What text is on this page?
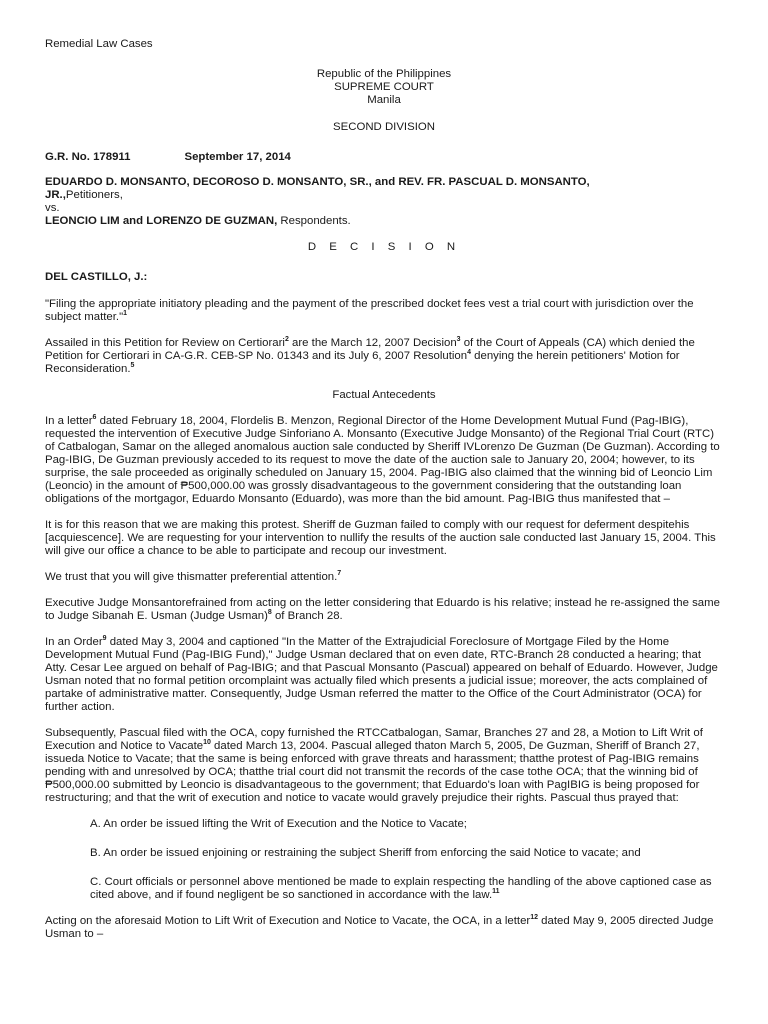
Remedial Law Cases

Republic of the Philippines

SUPREME COURT

Manila

SECOND DIVISION

G.R. No. 178911	September 17, 2014

EDUARDO D. MONSANTO, DECOROSO D. MONSANTO, SR., and REV. FR. PASCUAL D. MONSANTO,

JR.,Petitioners,

vs.

LEONCIO LIM and LORENZO DE GUZMAN, Respondents.

D E C I S I O N

DEL CASTILLO, J.:

"Filing the appropriate initiatory pleading and the payment of the prescribed docket fees vest a trial court with jurisdiction over the subject matter."$^1$

Assailed in this Petition for Review on Certiorari$^2$ are the March 12, 2007 Decision$^3$ of the Court of Appeals (CA) which denied the Petition for Certiorari in CA-G.R. CEB-SP No. 01343 and its July 6, 2007 Resolution$^4$ denying the herein petitioners' Motion for Reconsideration.$^5$

Factual Antecedents

In a letter$^6$ dated February 18, 2004, Flordelis B. Menzon, Regional Director of the Home Development Mutual Fund (Pag-IBIG), requested the intervention of Executive Judge Sinforiano A. Monsanto (Executive Judge Monsanto) of the Regional Trial Court (RTC) of Catbalogan, Samar on the alleged anomalous auction sale conducted by Sheriff IVLorenzo De Guzman (De Guzman). According to Pag-IBIG, De Guzman previously acceded to its request to move the date of the auction sale to January 20, 2004; however, to its surprise, the sale proceeded as originally scheduled on January 15, 2004. Pag-IBIG also claimed that the winning bid of Leoncio Lim (Leoncio) in the amount of ₱500,000.00 was grossly disadvantageous to the government considering that the outstanding loan obligations of the mortgagor, Eduardo Monsanto (Eduardo), was more than the bid amount. Pag-IBIG thus manifested that –

It is for this reason that we are making this protest. Sheriff de Guzman failed to comply with our request for deferment despitehis [acquiescence]. We are requesting for your intervention to nullify the results of the auction sale conducted last January 15, 2004. This will give our office a chance to be able to participate and recoup our investment.

We trust that you will give thismatter preferential attention.$^7$

Executive Judge Monsantorefrained from acting on the letter considering that Eduardo is his relative; instead he re-assigned the same to Judge Sibanah E. Usman (Judge Usman)$^8$ of Branch 28.

In an Order$^9$ dated May 3, 2004 and captioned "In the Matter of the Extrajudicial Foreclosure of Mortgage Filed by the Home Development Mutual Fund (Pag-IBIG Fund)," Judge Usman declared that on even date, RTC-Branch 28 conducted a hearing; that Atty. Cesar Lee argued on behalf of Pag-IBIG; and that Pascual Monsanto (Pascual) appeared on behalf of Eduardo. However, Judge Usman noted that no formal petition orcomplaint was actually filed which presents a judicial issue; moreover, the acts complained of partake of administrative matter. Consequently, Judge Usman referred the matter to the Office of the Court Administrator (OCA) for further action.

Subsequently, Pascual filed with the OCA, copy furnished the RTCCatbalogan, Samar, Branches 27 and 28, a Motion to Lift Writ of Execution and Notice to Vacate$^{10}$ dated March 13, 2004. Pascual alleged thaton March 5, 2005, De Guzman, Sheriff of Branch 27, issueda Notice to Vacate; that the same is being enforced with grave threats and harassment; thatthe protest of Pag-IBIG remains pending with and unresolved by OCA; thatthe trial court did not transmit the records of the case tothe OCA; that the winning bid of ₱500,000.00 submitted by Leoncio is disadvantageous to the government; that Eduardo's loan with PagIBIG is being proposed for restructuring; and that the writ of execution and notice to vacate would gravely prejudice their rights. Pascual thus prayed that:

A. An order be issued lifting the Writ of Execution and the Notice to Vacate;

B. An order be issued enjoining or restraining the subject Sheriff from enforcing the said Notice to vacate; and

C. Court officials or personnel above mentioned be made to explain respecting the handling of the above captioned case as cited above, and if found negligent be so sanctioned in accordance with the law.$^{11}$

Acting on the aforesaid Motion to Lift Writ of Execution and Notice to Vacate, the OCA, in a letter$^{12}$ dated May 9, 2005 directed Judge Usman to –
